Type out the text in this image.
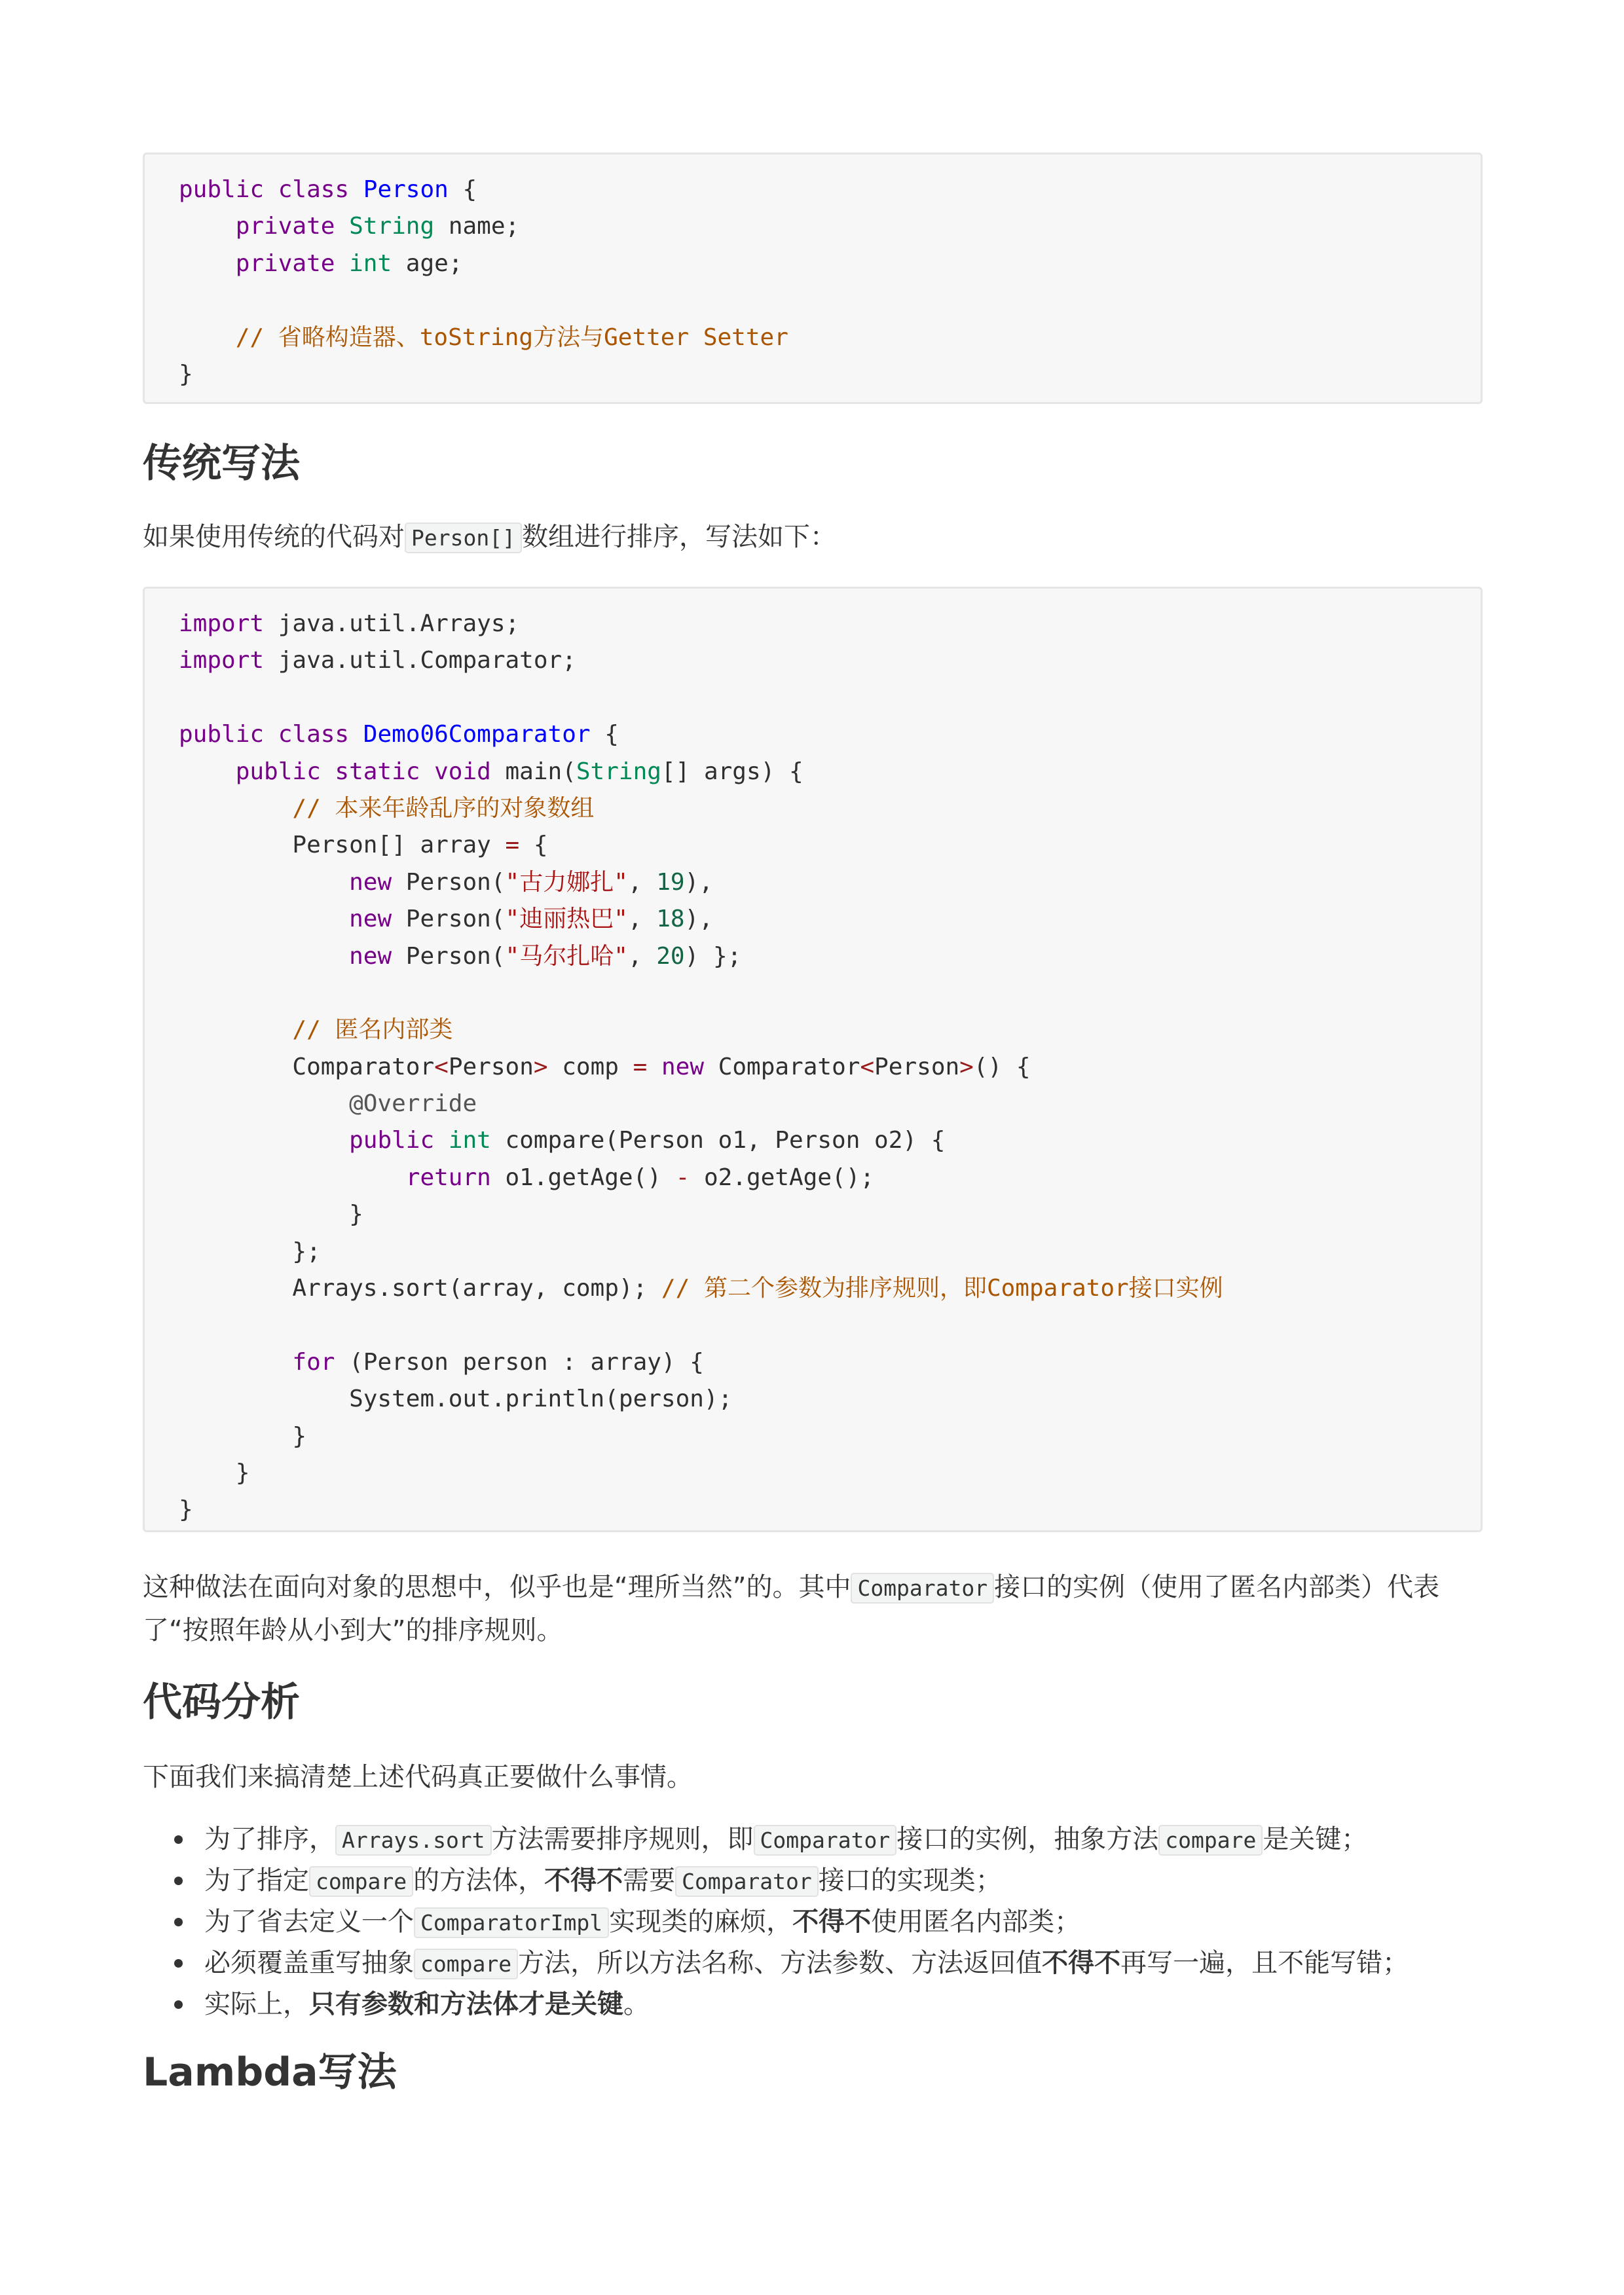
public class Person {
private String name;
private int age;
// 省略构造器、toString方法与Getter Setter
}
传统写法

如果使用传统的代码对 Person[] 数组进行排序，写法如下：

import java.util.Arrays;
import java.util.Comparator;
public class Demo06Comparator {
public static void main(String[] args) {
// 本来年龄乱序的对象数组
Person[] array = {
new Person("古力娜扎", 19),
new Person("迪丽热巴", 18),
new Person("马尔扎哈", 20) };
// 匿名内部类
Comparator<Person> comp = new Comparator<Person>() {
@Override
public int compare(Person o1, Person o2) {
return o1.getAge() - o2.getAge();
}
};
Arrays.sort(array, comp); // 第二个参数为排序规则，即Comparator接口实例
for (Person person : array) {
System.out.println(person);
}
}
}

这种做法在面向对象的思想中，似乎也是“理所当然”的。其中 Comparator 接口的实例（使用了匿名内部类）代表了“按照年龄从小到大”的排序规则。

代码分析

下面我们来搞清楚上述代码真正要做什么事情。

为了排序， Arrays.sort 方法需要排序规则，即 Comparator 接口的实例，抽象方法 compare 是关键；
为了指定 compare 的方法体，不得不需要 Comparator 接口的实现类；
为了省去定义一个 ComparatorImpl 实现类的麻烦，不得不使用匿名内部类；
必须覆盖重写抽象 compare 方法，所以方法名称、方法参数、方法返回值不得不再写一遍，且不能写错；
实际上，只有参数和方法体才是关键。
Lambda写法
